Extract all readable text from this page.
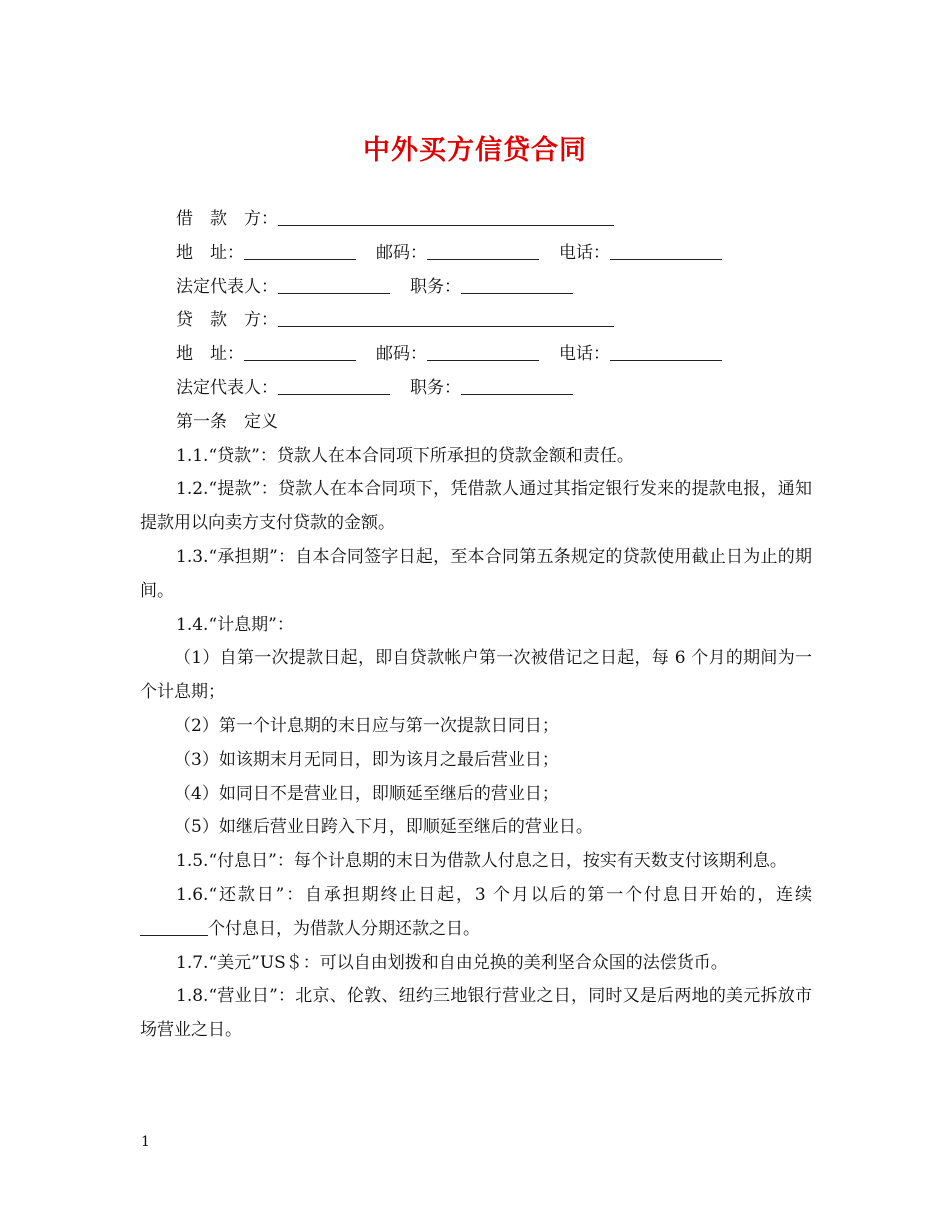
中外买方信贷合同
借　款　方：
地　址：	邮码：	电话：
法定代表人：	职务：
贷　款　方：
地　址：	邮码：	电话：
法定代表人：	职务：
第一条　定义

1.1.“贷款”：贷款人在本合同项下所承担的贷款金额和责任。

1.2.“提款”：贷款人在本合同项下，凭借款人通过其指定银行发来的提款电报，通知提款用以向卖方支付贷款的金额。

1.3.“承担期”：自本合同签字日起，至本合同第五条规定的贷款使用截止日为止的期间。

1.4.“计息期”：

（1）自第一次提款日起，即自贷款帐户第一次被借记之日起，每 6 个月的期间为一个计息期；

（2）第一个计息期的末日应与第一次提款日同日；

（3）如该期末月无同日，即为该月之最后营业日；

（4）如同日不是营业日，即顺延至继后的营业日；

（5）如继后营业日跨入下月，即顺延至继后的营业日。

1.5.“付息日”：每个计息期的末日为借款人付息之日，按实有天数支付该期利息。

1.6.“还款日”：自承担期终止日起，3 个月以后的第一个付息日开始的，连续个付息日，为借款人分期还款之日。

1.7.“美元”US＄：可以自由划拨和自由兑换的美利坚合众国的法偿货币。

1.8.“营业日”：北京、伦敦、纽约三地银行营业之日，同时又是后两地的美元拆放市场营业之日。

1
